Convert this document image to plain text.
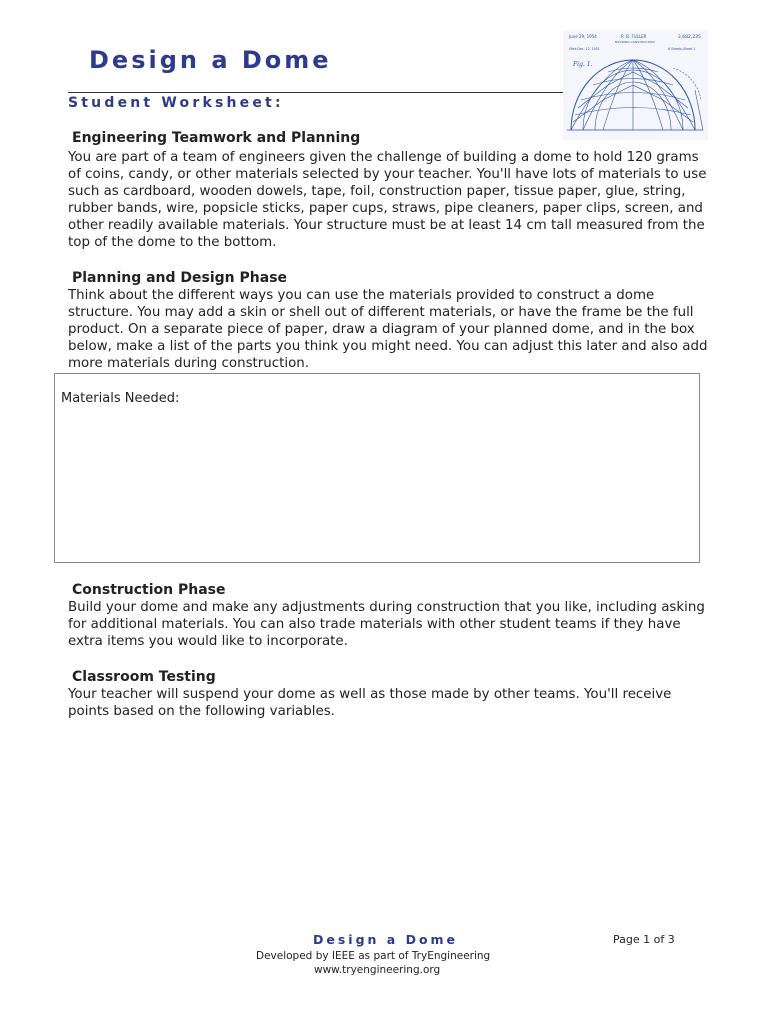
Design a Dome
Student Worksheet:
June 29, 1954	R. B. FULLER	2,682,235
BUILDING CONSTRUCTION
Filed Dec. 12, 1951	6 Sheets-Sheet 1
Fig. 1.
Engineering Teamwork and Planning
You are part of a team of engineers given the challenge of building a dome to hold 120 grams of coins, candy, or other materials selected by your teacher. You'll have lots of materials to use such as cardboard, wooden dowels, tape, foil, construction paper, tissue paper, glue, string, rubber bands, wire, popsicle sticks, paper cups, straws, pipe cleaners, paper clips, screen, and other readily available materials. Your structure must be at least 14 cm tall measured from the top of the dome to the bottom.
Planning and Design Phase
Think about the different ways you can use the materials provided to construct a dome structure. You may add a skin or shell out of different materials, or have the frame be the full product. On a separate piece of paper, draw a diagram of your planned dome, and in the box below, make a list of the parts you think you might need. You can adjust this later and also add more materials during construction.
Materials Needed:
Construction Phase
Build your dome and make any adjustments during construction that you like, including asking for additional materials. You can also trade materials with other student teams if they have extra items you would like to incorporate.
Classroom Testing
Your teacher will suspend your dome as well as those made by other teams. You'll receive points based on the following variables.
Design a Dome
Developed by IEEE as part of TryEngineering
www.tryengineering.org
Page 1 of 3
